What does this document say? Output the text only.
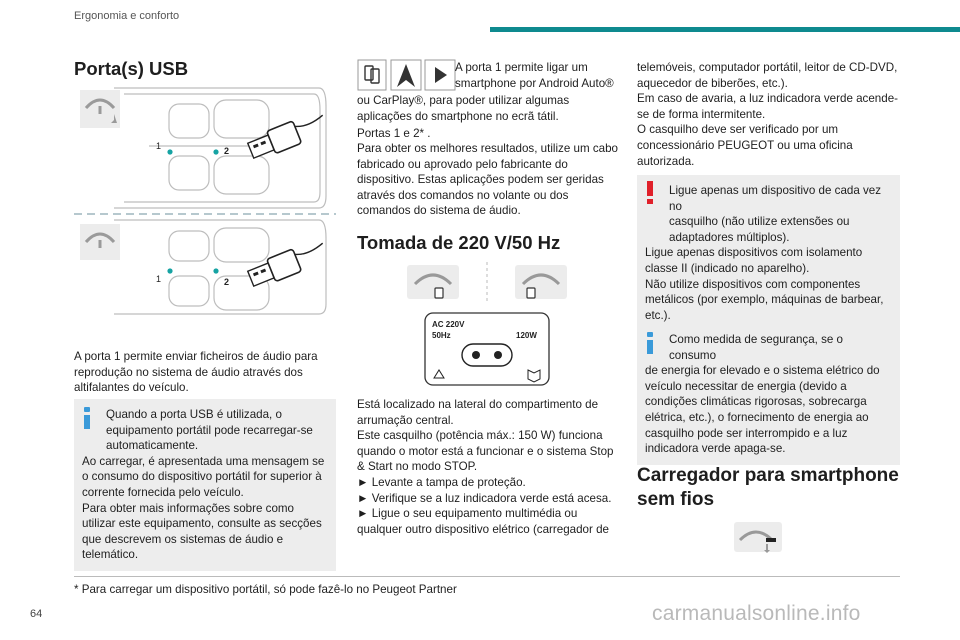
Ergonomia e conforto
Porta(s) USB
1	2
1	2

A porta 1 permite enviar ficheiros de áudio para reprodução no sistema de áudio através dos altifalantes do veículo.

Quando a porta USB é utilizada, o

equipamento portátil pode recarregar-se automaticamente.

Ao carregar, é apresentada uma mensagem se o consumo do dispositivo portátil for superior à corrente fornecida pelo veículo.

Para obter mais informações sobre como utilizar este equipamento, consulte as secções que descrevem os sistemas de áudio e telemático.

A porta 1 permite ligar um

smartphone por Android Auto®

ou CarPlay®, para poder utilizar algumas aplicações do smartphone no ecrã tátil.

Portas 1 e 2* .

Para obter os melhores resultados, utilize um cabo fabricado ou aprovado pelo fabricante do dispositivo. Estas aplicações podem ser geridas através dos comandos no volante ou dos comandos do sistema de áudio.

Tomada de 220 V/50 Hz
AC 220V
50Hz	120W

Está localizado na lateral do compartimento de arrumação central.

Este casquilho (potência máx.: 150 W) funciona quando o motor está a funcionar e o sistema Stop & Start no modo STOP.

► Levante a tampa de proteção.

► Verifique se a luz indicadora verde está acesa.

► Ligue o seu equipamento multimédia ou qualquer outro dispositivo elétrico (carregador de

telemóveis, computador portátil, leitor de CD-DVD, aquecedor de biberões, etc.).

Em caso de avaria, a luz indicadora verde acende-se de forma intermitente.

O casquilho deve ser verificado por um concessionário PEUGEOT ou uma oficina autorizada.

Ligue apenas um dispositivo de cada vez no

casquilho (não utilize extensões ou adaptadores múltiplos).

Ligue apenas dispositivos com isolamento classe II (indicado no aparelho).

Não utilize dispositivos com componentes metálicos (por exemplo, máquinas de barbear, etc.).

Como medida de segurança, se o consumo

de energia for elevado e o sistema elétrico do veículo necessitar de energia (devido a condições climáticas rigorosas, sobrecarga elétrica, etc.), o fornecimento de energia ao casquilho pode ser interrompido e a luz indicadora verde apaga-se.

Carregador para smartphone sem fios
* Para carregar um dispositivo portátil, só pode fazê-lo no Peugeot Partner
64	carmanualsonline.info
